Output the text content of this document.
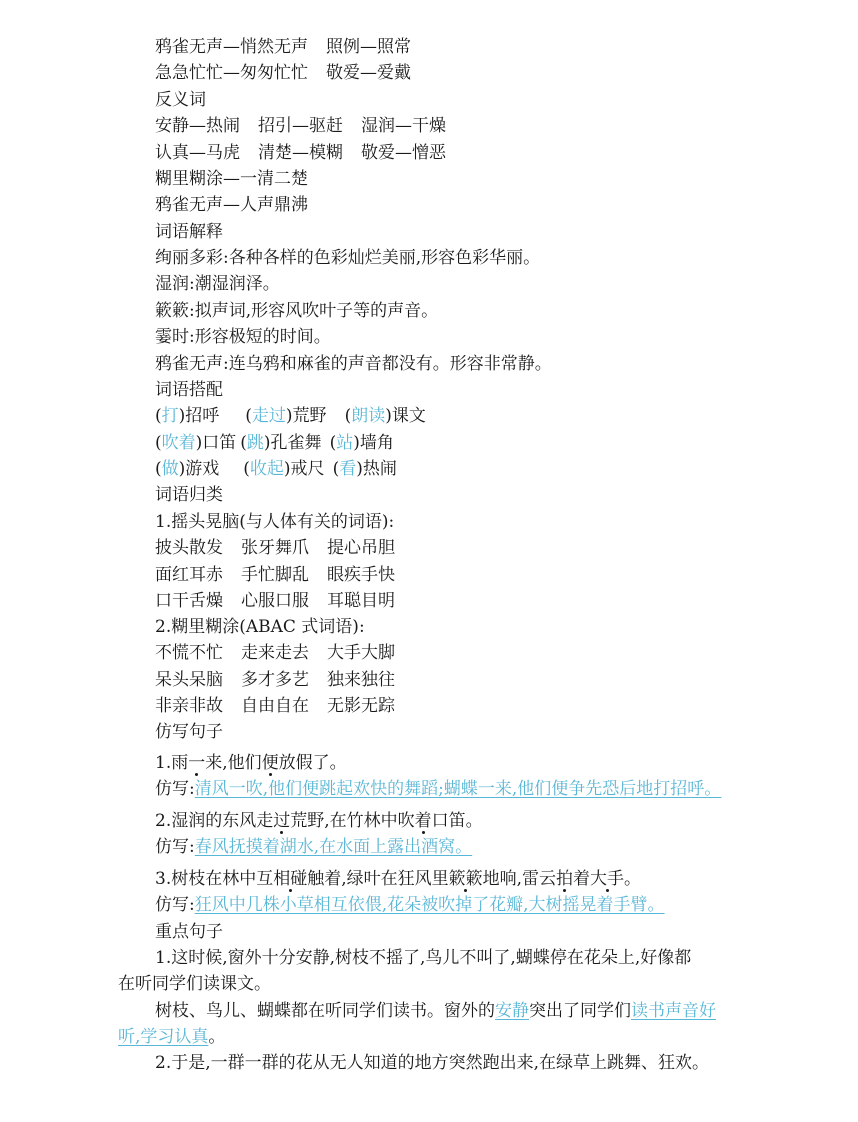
鸦雀无声—悄然无声 照例—照常
急急忙忙—匆匆忙忙 敬爱—爱戴
反义词
安静—热闹 招引—驱赶 湿润—干燥
认真—马虎 清楚—模糊 敬爱—憎恶
糊里糊涂—一清二楚
鸦雀无声—人声鼎沸
词语解释
绚丽多彩:各种各样的色彩灿烂美丽,形容色彩华丽。
湿润:潮湿润泽。
簌簌:拟声词,形容风吹叶子等的声音。
霎时:形容极短的时间。
鸦雀无声:连乌鸦和麻雀的声音都没有。形容非常静。
词语搭配
(打)招呼 (走过)荒野 (朗读)课文
(吹着)口笛 (跳)孔雀舞 (站)墙角
(做)游戏 (收起)戒尺 (看)热闹
词语归类
1.摇头晃脑(与人体有关的词语):
披头散发 张牙舞爪 提心吊胆
面红耳赤 手忙脚乱 眼疾手快
口干舌燥 心服口服 耳聪目明
2.糊里糊涂(ABAC 式词语):
不慌不忙 走来走去 大手大脚
呆头呆脑 多才多艺 独来独往
非亲非故 自由自在 无影无踪
仿写句子
1.雨一来,他们便放假了。
仿写:清风一吹,他们便跳起欢快的舞蹈;蝴蝶一来,他们便争先恐后地打招呼。
2.湿润的东风走过荒野,在竹林中吹着口笛。
仿写:春风抚摸着湖水,在水面上露出酒窝。
3.树枝在林中互相碰触着,绿叶在狂风里簌簌地响,雷云拍着大手。
仿写:狂风中几株小草相互依偎,花朵被吹掉了花瓣,大树摇晃着手臂。
重点句子
1.这时候,窗外十分安静,树枝不摇了,鸟儿不叫了,蝴蝶停在花朵上,好像都
在听同学们读课文。
树枝、鸟儿、蝴蝶都在听同学们读书。窗外的安静突出了同学们读书声音好
听,学习认真。
2.于是,一群一群的花从无人知道的地方突然跑出来,在绿草上跳舞、狂欢。
